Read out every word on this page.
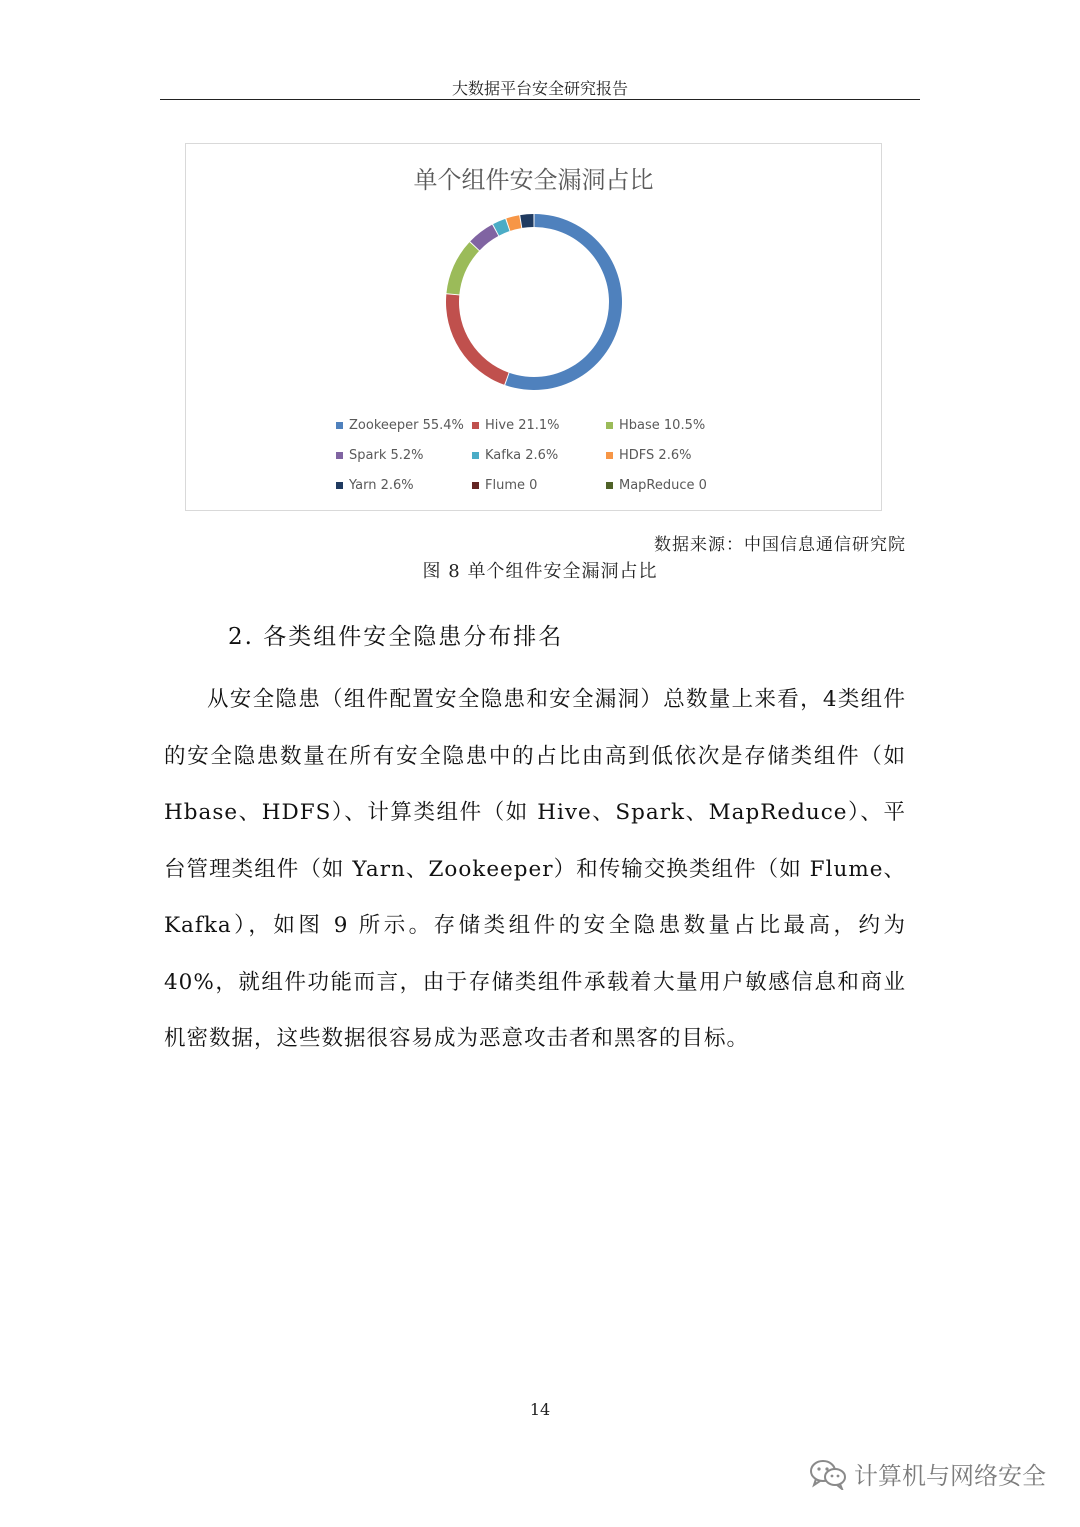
大数据平台安全研究报告
单个组件安全漏洞占比
Zookeeper 55.4% Hive 21.1%	Hbase 10.5%
Spark 5.2%	Kafka 2.6%	HDFS 2.6%
Yarn 2.6%	Flume 0	MapReduce 0
数据来源：中国信息通信研究院
图 8 单个组件安全漏洞占比
2. 各类组件安全隐患分布排名
从安全隐患（组件配置安全隐患和安全漏洞）总数量上来看，4类组件的安全隐患数量在所有安全隐患中的占比由高到低依次是存储类组件（如 Hbase、HDFS）、计算类组件（如 Hive、Spark、MapReduce）、平台管理类组件（如 Yarn、Zookeeper）和传输交换类组件（如 Flume、Kafka），如图 9 所示。存储类组件的安全隐患数量占比最高，约为 40%，就组件功能而言，由于存储类组件承载着大量用户敏感信息和商业机密数据，这些数据很容易成为恶意攻击者和黑客的目标。
14
计算机与网络安全
